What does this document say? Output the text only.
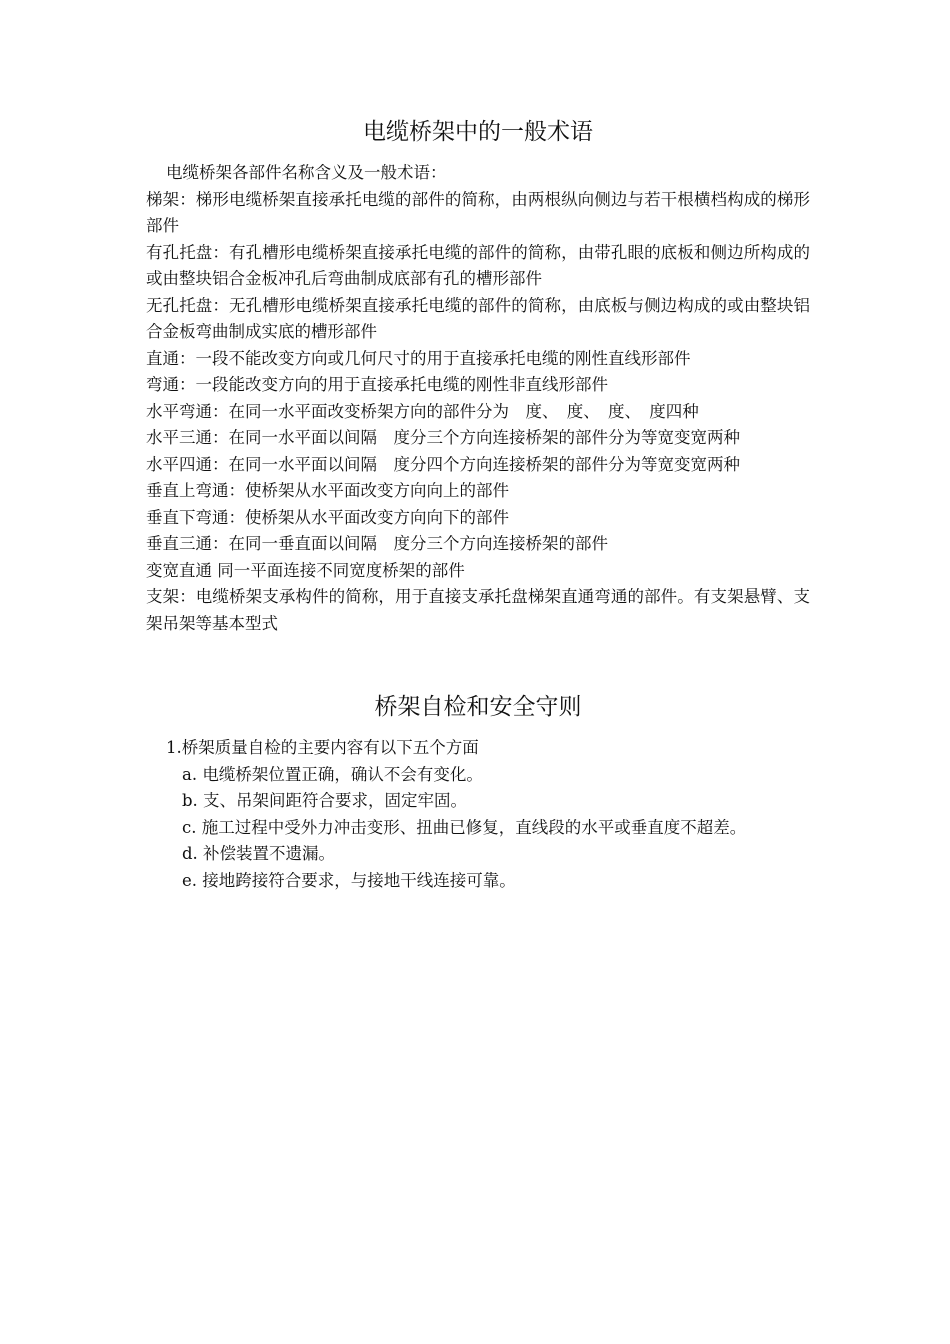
电缆桥架中的一般术语

电缆桥架各部件名称含义及一般术语：

梯架：梯形电缆桥架直接承托电缆的部件的简称，由两根纵向侧边与若干根横档构成的梯形部件

有孔托盘：有孔槽形电缆桥架直接承托电缆的部件的简称，由带孔眼的底板和侧边所构成的或由整块铝合金板冲孔后弯曲制成底部有孔的槽形部件

无孔托盘：无孔槽形电缆桥架直接承托电缆的部件的简称，由底板与侧边构成的或由整块铝合金板弯曲制成实底的槽形部件

直通：一段不能改变方向或几何尺寸的用于直接承托电缆的刚性直线形部件

弯通：一段能改变方向的用于直接承托电缆的刚性非直线形部件

水平弯通：在同一水平面改变桥架方向的部件分为　度、　度、　度、　度四种

水平三通：在同一水平面以间隔　度分三个方向连接桥架的部件分为等宽变宽两种

水平四通：在同一水平面以间隔　度分四个方向连接桥架的部件分为等宽变宽两种

垂直上弯通：使桥架从水平面改变方向向上的部件

垂直下弯通：使桥架从水平面改变方向向下的部件

垂直三通：在同一垂直面以间隔　度分三个方向连接桥架的部件

变宽直通 同一平面连接不同宽度桥架的部件

支架：电缆桥架支承构件的简称，用于直接支承托盘梯架直通弯通的部件。有支架悬臂、支架吊架等基本型式

桥架自检和安全守则

1.桥架质量自检的主要内容有以下五个方面

a. 电缆桥架位置正确，确认不会有变化。

b. 支、吊架间距符合要求，固定牢固。

c. 施工过程中受外力冲击变形、扭曲已修复，直线段的水平或垂直度不超差。

d. 补偿装置不遗漏。

e. 接地跨接符合要求，与接地干线连接可靠。
